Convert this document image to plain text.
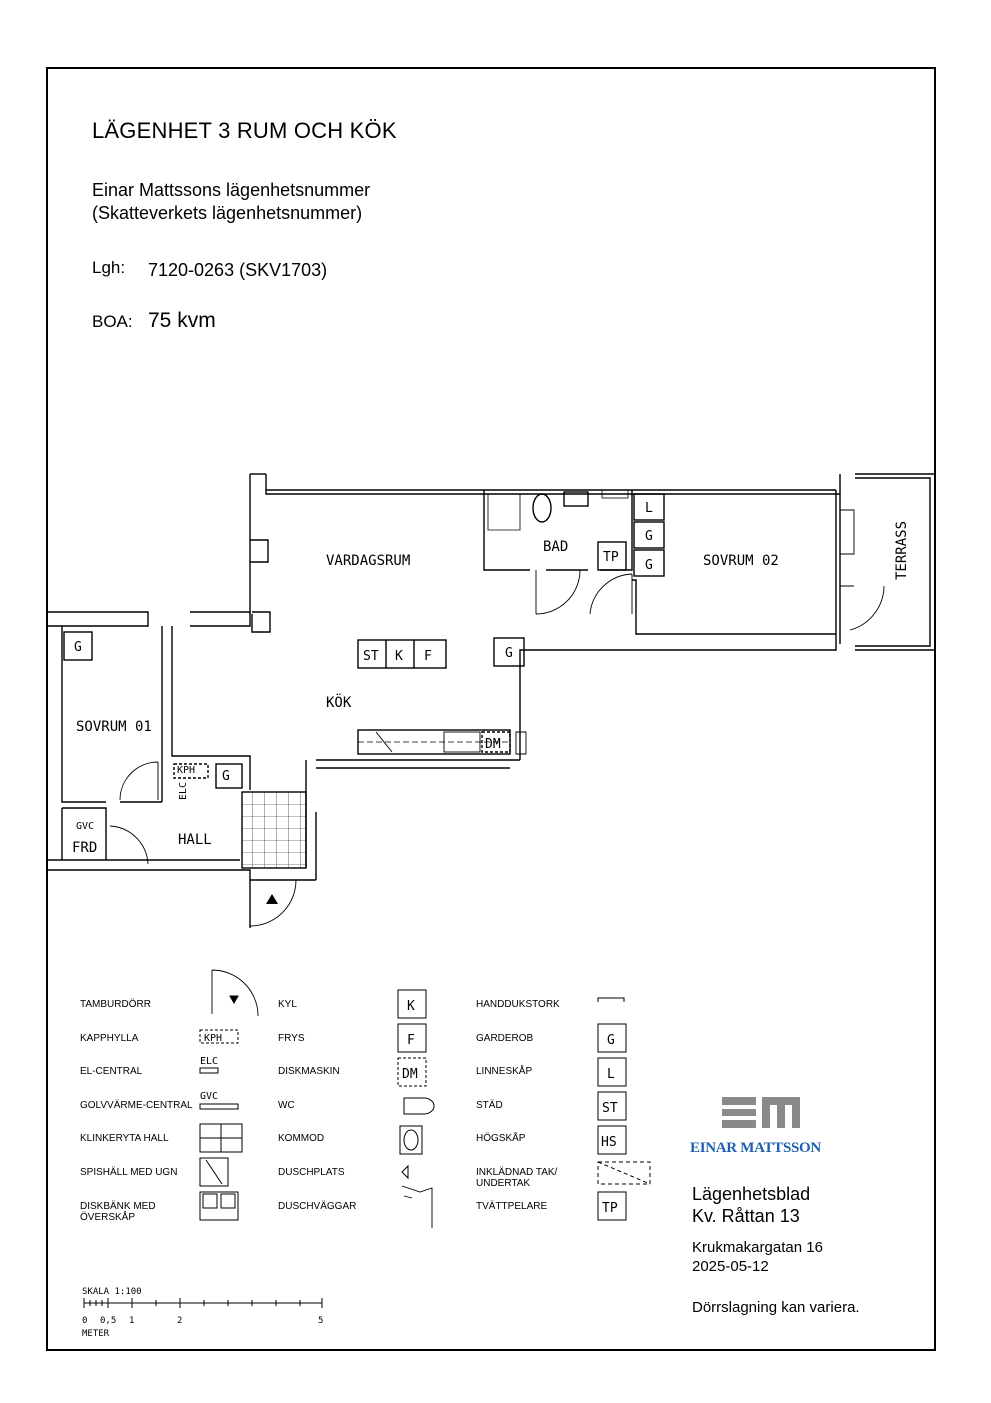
LÄGENHET 3 RUM OCH KÖK
Einar Mattssons lägenhetsnummer
(Skatteverkets lägenhetsnummer)
Lgh: 7120-0263 (SKV1703)
BOA: 75 kvm
VARDAGSRUM
BAD
SOVRUM 02	TERRASS
SOVRUM 01
KÖK
HALL
ST K F	G
G
G
L
G
G
TP
DM
FRD
KPH
ELC
GVC
K
F
DM
G
L
ST
HS
TP
KPH
ELC
GVC
SKALA 1:100
0 0,5 1	2	5
METER
TAMBURDÖRR
KAPPHYLLA
EL-CENTRAL
GOLVVÄRME-CENTRAL
KLINKERYTA HALL
SPISHÄLL MED UGN
DISKBÄNK MED
ÖVERSKÅP
KYL
FRYS
DISKMASKIN
WC
KOMMOD
DUSCHPLATS
DUSCHVÄGGAR
HANDDUKSTORK
GARDEROB
LINNESKÅP
STÄD
HÖGSKÅP
INKLÄDNAD TAK/
UNDERTAK
TVÄTTPELARE
EINAR MATTSSON
Lägenhetsblad
Kv. Råttan 13
Krukmakargatan 16
2025-05-12
Dörrslagning kan variera.
